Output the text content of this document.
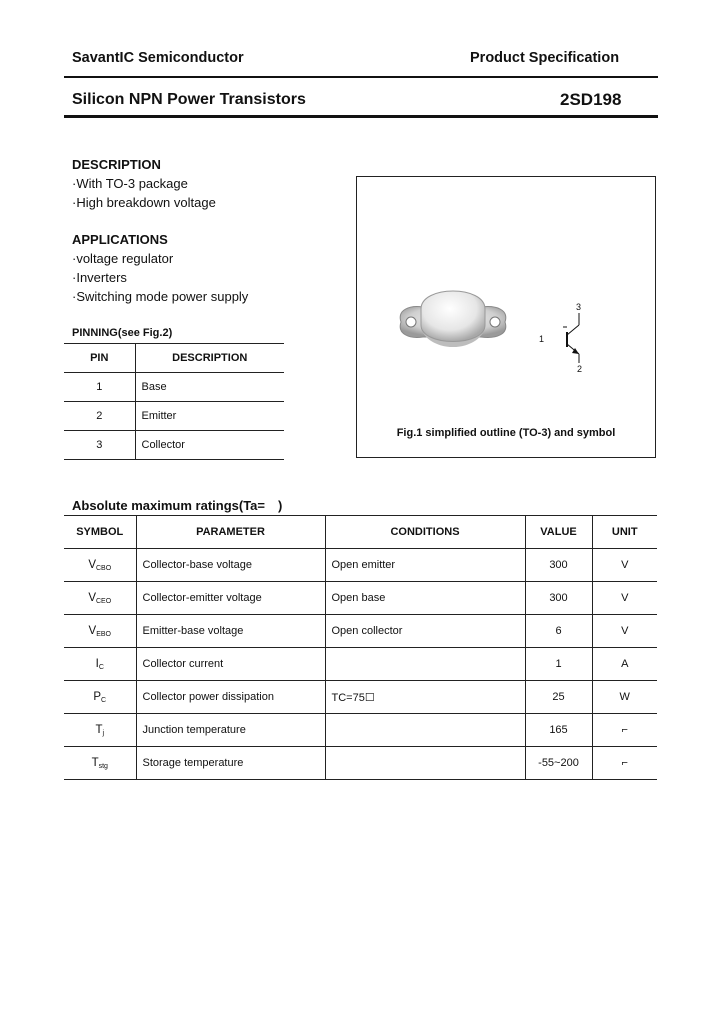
SavantIC Semiconductor	Product Specification
Silicon NPN Power Transistors	2SD198
DESCRIPTION
·With TO-3 package
·High breakdown voltage
APPLICATIONS
·voltage regulator
·Inverters
·Switching mode power supply
PINNING(see Fig.2)
PIN	DESCRIPTION
1	Base
2	Emitter
3	Collector
1
3
2
Fig.1 simplified outline (TO-3) and symbol
Absolute maximum ratings(Ta= )
SYMBOL	PARAMETER	CONDITIONS	VALUE	UNIT
VCBO	Collector-base voltage	Open emitter	300	V
VCEO	Collector-emitter voltage	Open base	300	V
VEBO	Emitter-base voltage	Open collector	6	V
IC	Collector current		1	A
PC	Collector power dissipation	TC=75☐	25	W
Tj	Junction temperature		165	⌐
Tstg	Storage temperature		-55~200	⌐
